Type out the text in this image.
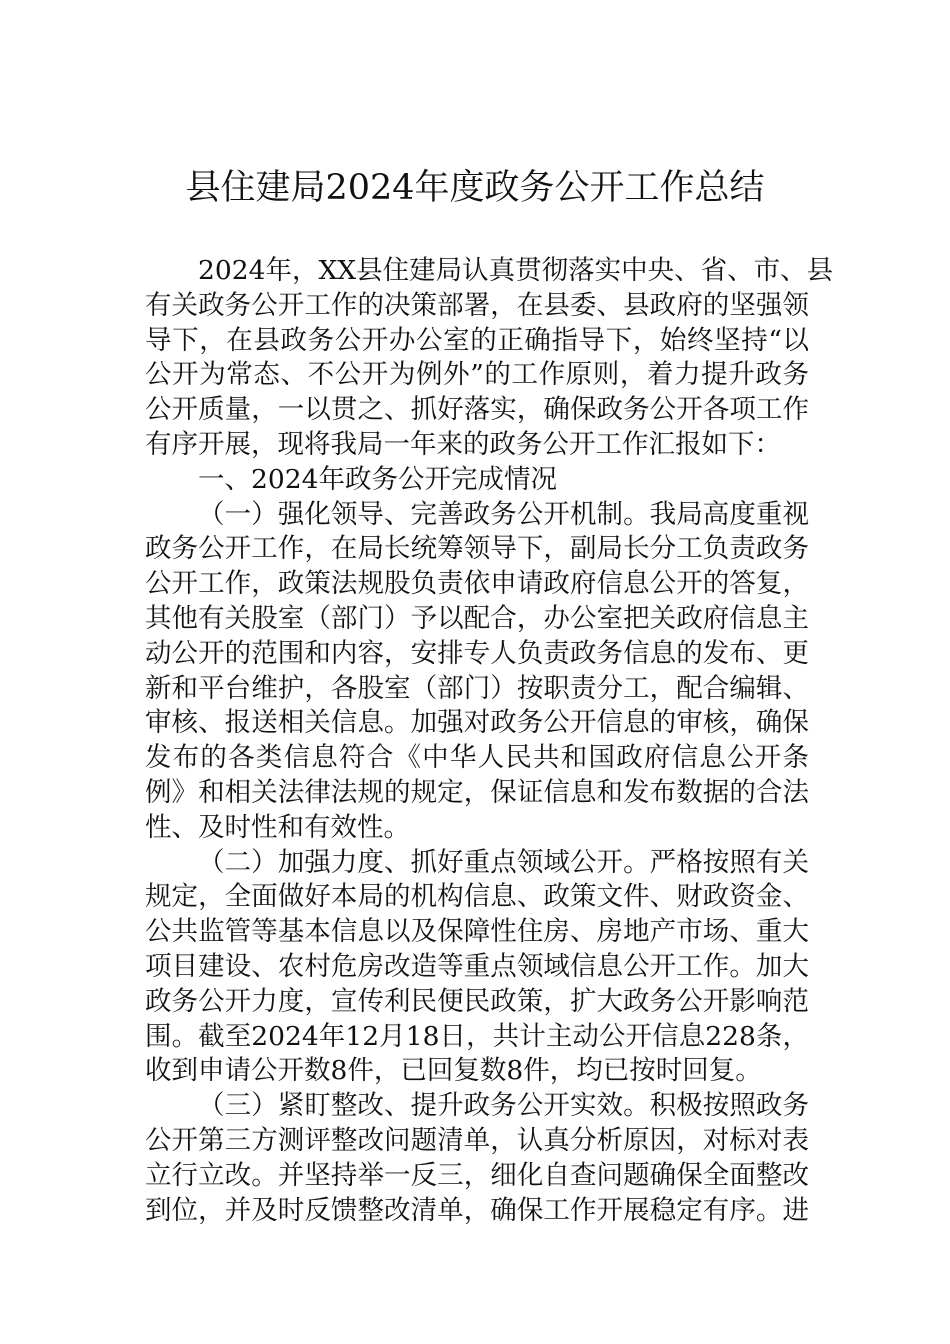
县住建局2024年度政务公开工作总结
2024年，XX县住建局认真贯彻落实中央、省、市、县
有关政务公开工作的决策部署，在县委、县政府的坚强领
导下，在县政务公开办公室的正确指导下，始终坚持“以
公开为常态、不公开为例外”的工作原则，着力提升政务
公开质量，一以贯之、抓好落实，确保政务公开各项工作
有序开展，现将我局一年来的政务公开工作汇报如下：
一、2024年政务公开完成情况
（一）强化领导、完善政务公开机制。我局高度重视
政务公开工作，在局长统筹领导下，副局长分工负责政务
公开工作，政策法规股负责依申请政府信息公开的答复，
其他有关股室（部门）予以配合，办公室把关政府信息主
动公开的范围和内容，安排专人负责政务信息的发布、更
新和平台维护，各股室（部门）按职责分工，配合编辑、
审核、报送相关信息。加强对政务公开信息的审核，确保
发布的各类信息符合《中华人民共和国政府信息公开条
例》和相关法律法规的规定，保证信息和发布数据的合法
性、及时性和有效性。
（二）加强力度、抓好重点领域公开。严格按照有关
规定，全面做好本局的机构信息、政策文件、财政资金、
公共监管等基本信息以及保障性住房、房地产市场、重大
项目建设、农村危房改造等重点领域信息公开工作。加大
政务公开力度，宣传利民便民政策，扩大政务公开影响范
围。截至2024年12月18日，共计主动公开信息228条，
收到申请公开数8件，已回复数8件，均已按时回复。
（三）紧盯整改、提升政务公开实效。积极按照政务
公开第三方测评整改问题清单，认真分析原因，对标对表
立行立改。并坚持举一反三，细化自查问题确保全面整改
到位，并及时反馈整改清单，确保工作开展稳定有序。进
